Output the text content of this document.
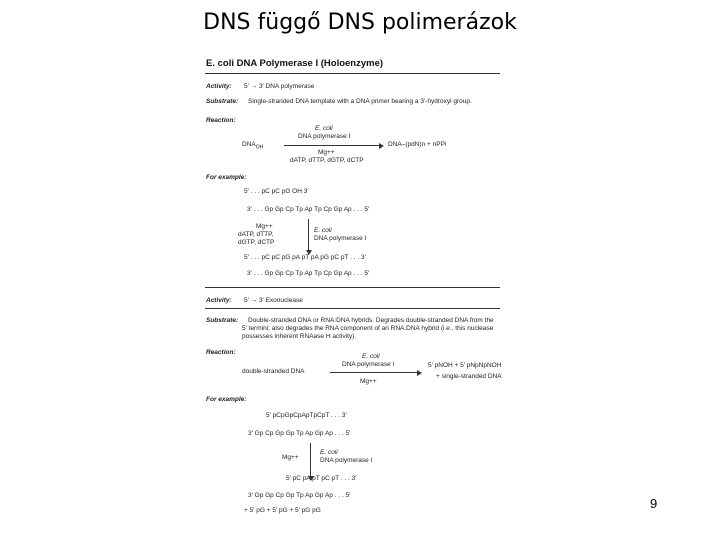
DNS függő DNS polimerázok
9
E. coli DNA Polymerase I (Holoenzyme)
Activity: 5′ → 3′ DNA polymerase
Substrate: Single-stranded DNA template with a DNA primer bearing a 3′-hydroxyl group.
Reaction:
E. coli
DNA polymerase I
$DNA_{OH}$	DNA–(pdN)n + nPPi
Mg++
dATP, dTTP, dGTP, dCTP
For example:
5′ . . . pC pC pG OH 3′
3′ . . . Gp Gp Cp Tp Ap Tp Cp Gp Ap . . . 5′
Mg++
dATP, dTTP,
dGTP, dCTP
E. coli
DNA polymerase I
5′ . . . pC pC pG pA pT pA pG pC pT . . . 3′
3′ . . . Gp Gp Cp Tp Ap Tp Cp Gp Ap . . . 5′
Activity: 5′ → 3′ Exonuclease
Substrate: Double-stranded DNA or RNA:DNA hybrids. Degrades double-stranded DNA from the
5′ termini; also degrades the RNA component of an RNA:DNA hybrid (i.e., this nuclease
possesses inherent RNAase H activity).
Reaction:
E. coli
DNA polymerase I
double-stranded DNA
Mg++
5′ pNOH + 5′ pNpNpNOH
+ single-stranded DNA
For example:
5′ pCpGpCpApTpCpT . . . 3′
3′ Gp Cp Gp Gp Tp Ap Gp Ap . . . 5′
Mg++
E. coli
DNA polymerase I
5′ pC pA pT pC pT . . . 3′
3′ Gp Gp Cp Gp Tp Ap Gp Ap . . . 5′
+ 5′ pG + 5′ pG + 5′ pG pG
